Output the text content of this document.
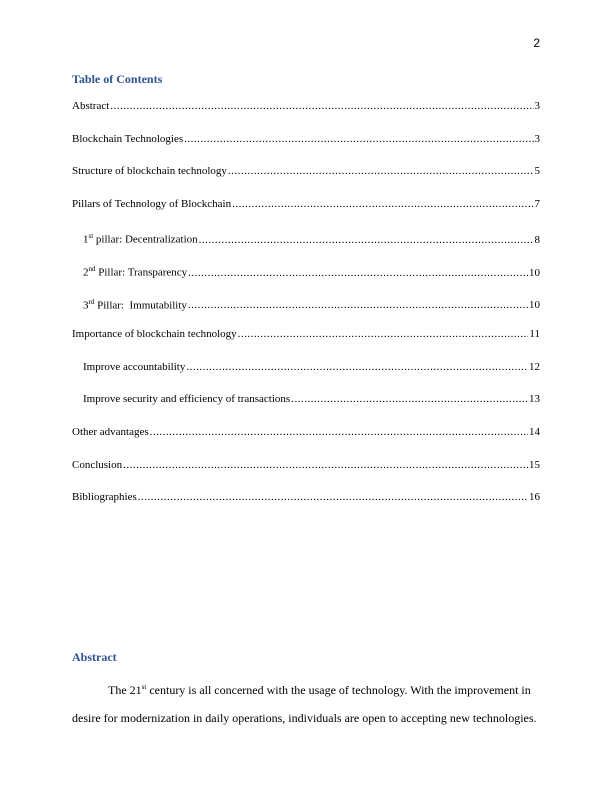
2
Table of Contents
Abstract .....	3
Blockchain Technologies .....	3
Structure of blockchain technology .....	5
Pillars of Technology of Blockchain .....	7
1st pillar: Decentralization .....	8
2nd Pillar: Transparency .....	10
3rd Pillar:  Immutability .....	10
Importance of blockchain technology .....	11
Improve accountability .....	12
Improve security and efficiency of transactions .....	13
Other advantages .....	14
Conclusion .....	15
Bibliographies .....	16
Abstract

The 21st century is all concerned with the usage of technology. With the improvement in desire for modernization in daily operations, individuals are open to accepting new technologies.
